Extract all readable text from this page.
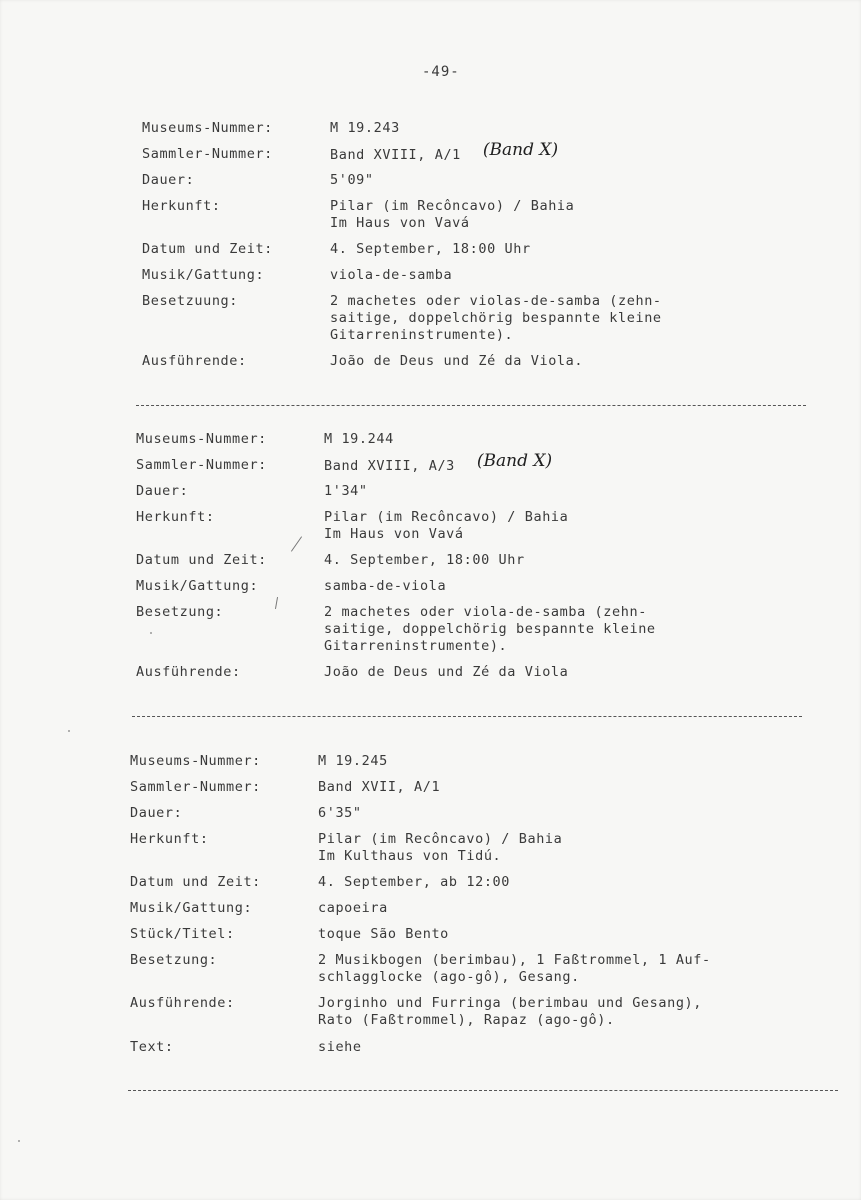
-49-
Museums-Nummer:	M 19.243
Sammler-Nummer:	Band XVIII, A/1 (Band X)
Dauer:	5'09"
Herkunft:	Pilar (im Recôncavo) / Bahia
Im Haus von Vavá
Datum und Zeit:	4. September, 18:00 Uhr
Musik/Gattung:	viola-de-samba
Besetzuung:	2 machetes oder violas-de-samba (zehn-
saitige, doppelchörig bespannte kleine
Gitarreninstrumente).
Ausführende:	João de Deus und Zé da Viola.
Museums-Nummer:	M 19.244
Sammler-Nummer:	Band XVIII, A/3 (Band X)
Dauer:	1'34"
Herkunft:	Pilar (im Recôncavo) / Bahia
Im Haus von Vavá
Datum und Zeit:	4. September, 18:00 Uhr
Musik/Gattung:	samba-de-viola
Besetzung:	2 machetes oder viola-de-samba (zehn-
saitige, doppelchörig bespannte kleine
Gitarreninstrumente).
Ausführende:	João de Deus und Zé da Viola
Museums-Nummer:	M 19.245
Sammler-Nummer:	Band XVII, A/1
Dauer:	6'35"
Herkunft:	Pilar (im Recôncavo) / Bahia
Im Kulthaus von Tidú.
Datum und Zeit:	4. September, ab 12:00
Musik/Gattung:	capoeira
Stück/Titel:	toque São Bento
Besetzung:	2 Musikbogen (berimbau), 1 Faßtrommel, 1 Auf-
schlagglocke (ago-gô), Gesang.
Ausführende:	Jorginho und Furringa (berimbau und Gesang),
Rato (Faßtrommel), Rapaz (ago-gô).
Text:	siehe
